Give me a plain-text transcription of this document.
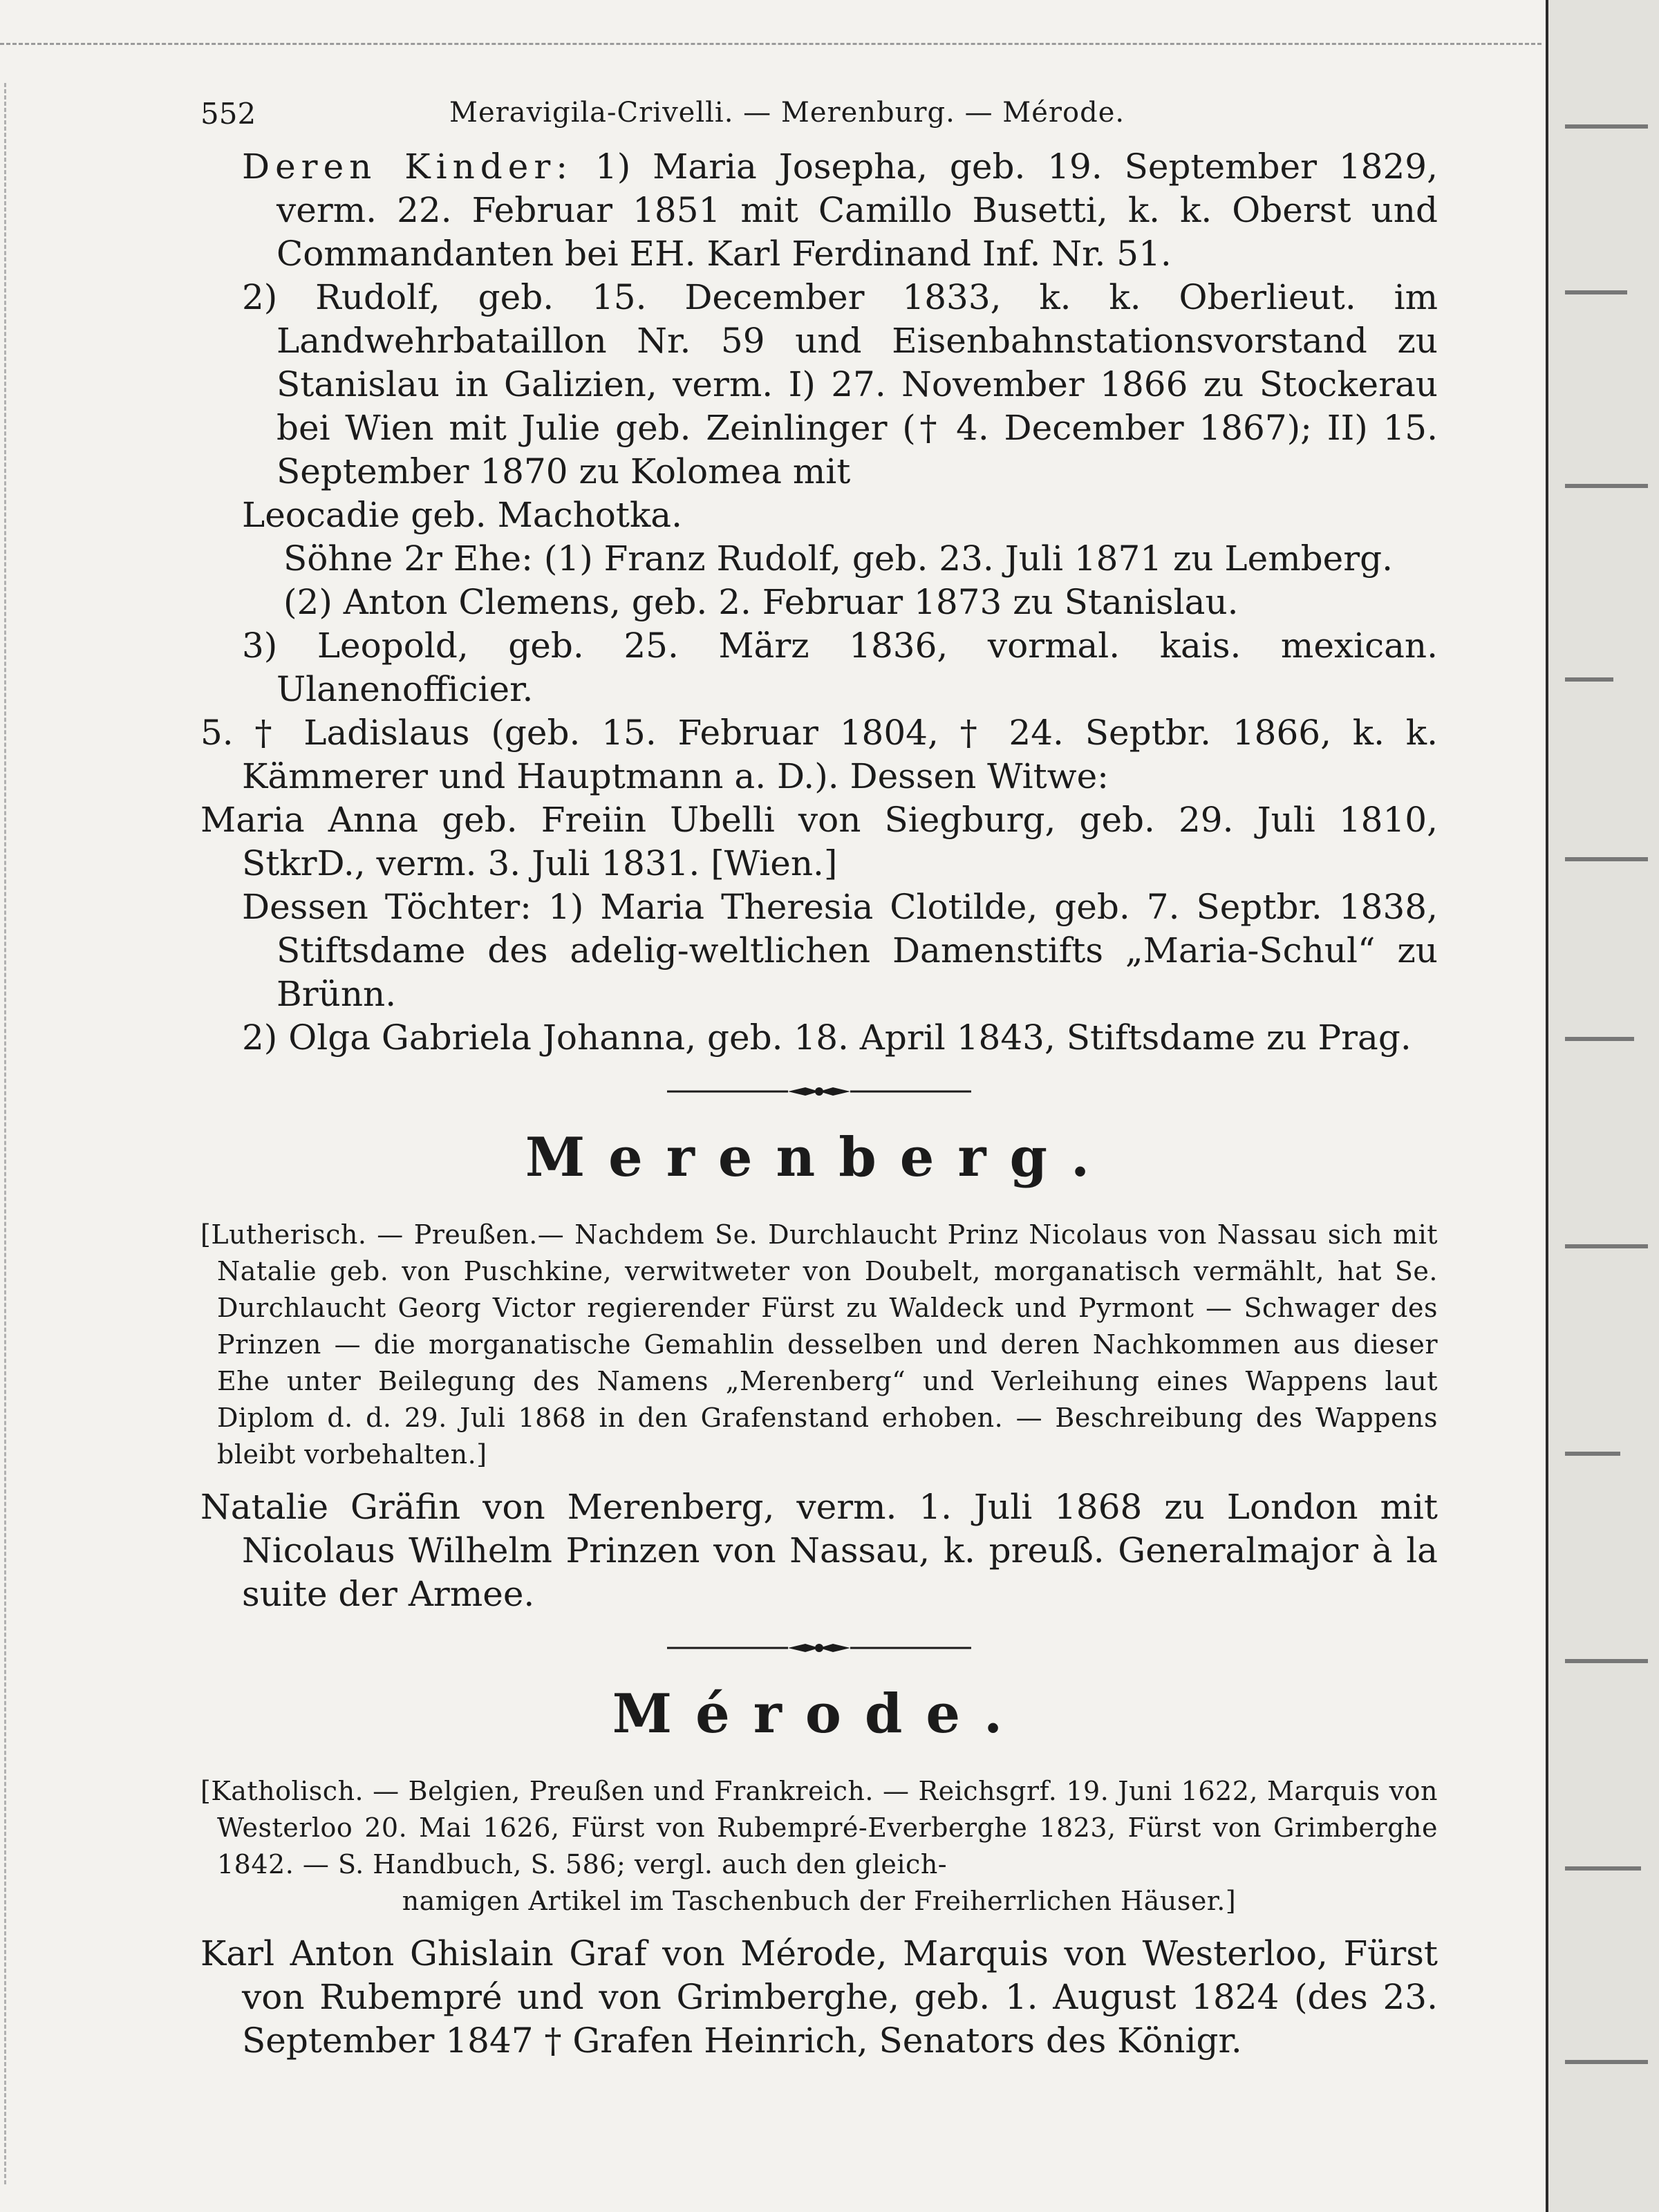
552	Meravigila-Crivelli. — Merenburg. — Mérode.

Deren Kinder: 1) Maria Josepha, geb. 19. September 1829, verm. 22. Februar 1851 mit Camillo Busetti, k. k. Oberst und Commandanten bei EH. Karl Ferdinand Inf. Nr. 51.

2) Rudolf, geb. 15. December 1833, k. k. Oberlieut. im Landwehrbataillon Nr. 59 und Eisenbahnstationsvorstand zu Stanislau in Galizien, verm. I) 27. November 1866 zu Stockerau bei Wien mit Julie geb. Zeinlinger († 4. December 1867); II) 15. September 1870 zu Kolomea mit

Leocadie geb. Machotka.

Söhne 2r Ehe: (1) Franz Rudolf, geb. 23. Juli 1871 zu Lemberg.

(2) Anton Clemens, geb. 2. Februar 1873 zu Stanislau.

3) Leopold, geb. 25. März 1836, vormal. kais. mexican. Ulanenofficier.

5. † Ladislaus (geb. 15. Februar 1804, † 24. Septbr. 1866, k. k. Kämmerer und Hauptmann a. D.). Dessen Witwe:

Maria Anna geb. Freiin Ubelli von Siegburg, geb. 29. Juli 1810, StkrD., verm. 3. Juli 1831. [Wien.]

Dessen Töchter: 1) Maria Theresia Clotilde, geb. 7. Septbr. 1838, Stiftsdame des adelig-weltlichen Damenstifts „Maria-Schul“ zu Brünn.

2) Olga Gabriela Johanna, geb. 18. April 1843, Stiftsdame zu Prag.

Merenberg.

[Lutherisch. — Preußen.— Nachdem Se. Durchlaucht Prinz Nicolaus von Nassau sich mit Natalie geb. von Puschkine, verwitweter von Doubelt, morganatisch vermählt, hat Se. Durchlaucht Georg Victor regierender Fürst zu Waldeck und Pyrmont — Schwager des Prinzen — die morganatische Gemahlin desselben und deren Nachkommen aus dieser Ehe unter Beilegung des Namens „Merenberg“ und Verleihung eines Wappens laut Diplom d. d. 29. Juli 1868 in den Grafenstand erhoben. — Beschreibung des Wappens bleibt vorbehalten.]

Natalie Gräfin von Merenberg, verm. 1. Juli 1868 zu London mit Nicolaus Wilhelm Prinzen von Nassau, k. preuß. Generalmajor à la suite der Armee.

Mérode.

[Katholisch. — Belgien, Preußen und Frankreich. — Reichsgrf. 19. Juni 1622, Marquis von Westerloo 20. Mai 1626, Fürst von Rubempré-Everberghe 1823, Fürst von Grimberghe 1842. — S. Handbuch, S. 586; vergl. auch den gleich-
namigen Artikel im Taschenbuch der Freiherrlichen Häuser.]

Karl Anton Ghislain Graf von Mérode, Marquis von Westerloo, Fürst von Rubempré und von Grimberghe, geb. 1. August 1824 (des 23. September 1847 † Grafen Heinrich, Senators des Königr.
